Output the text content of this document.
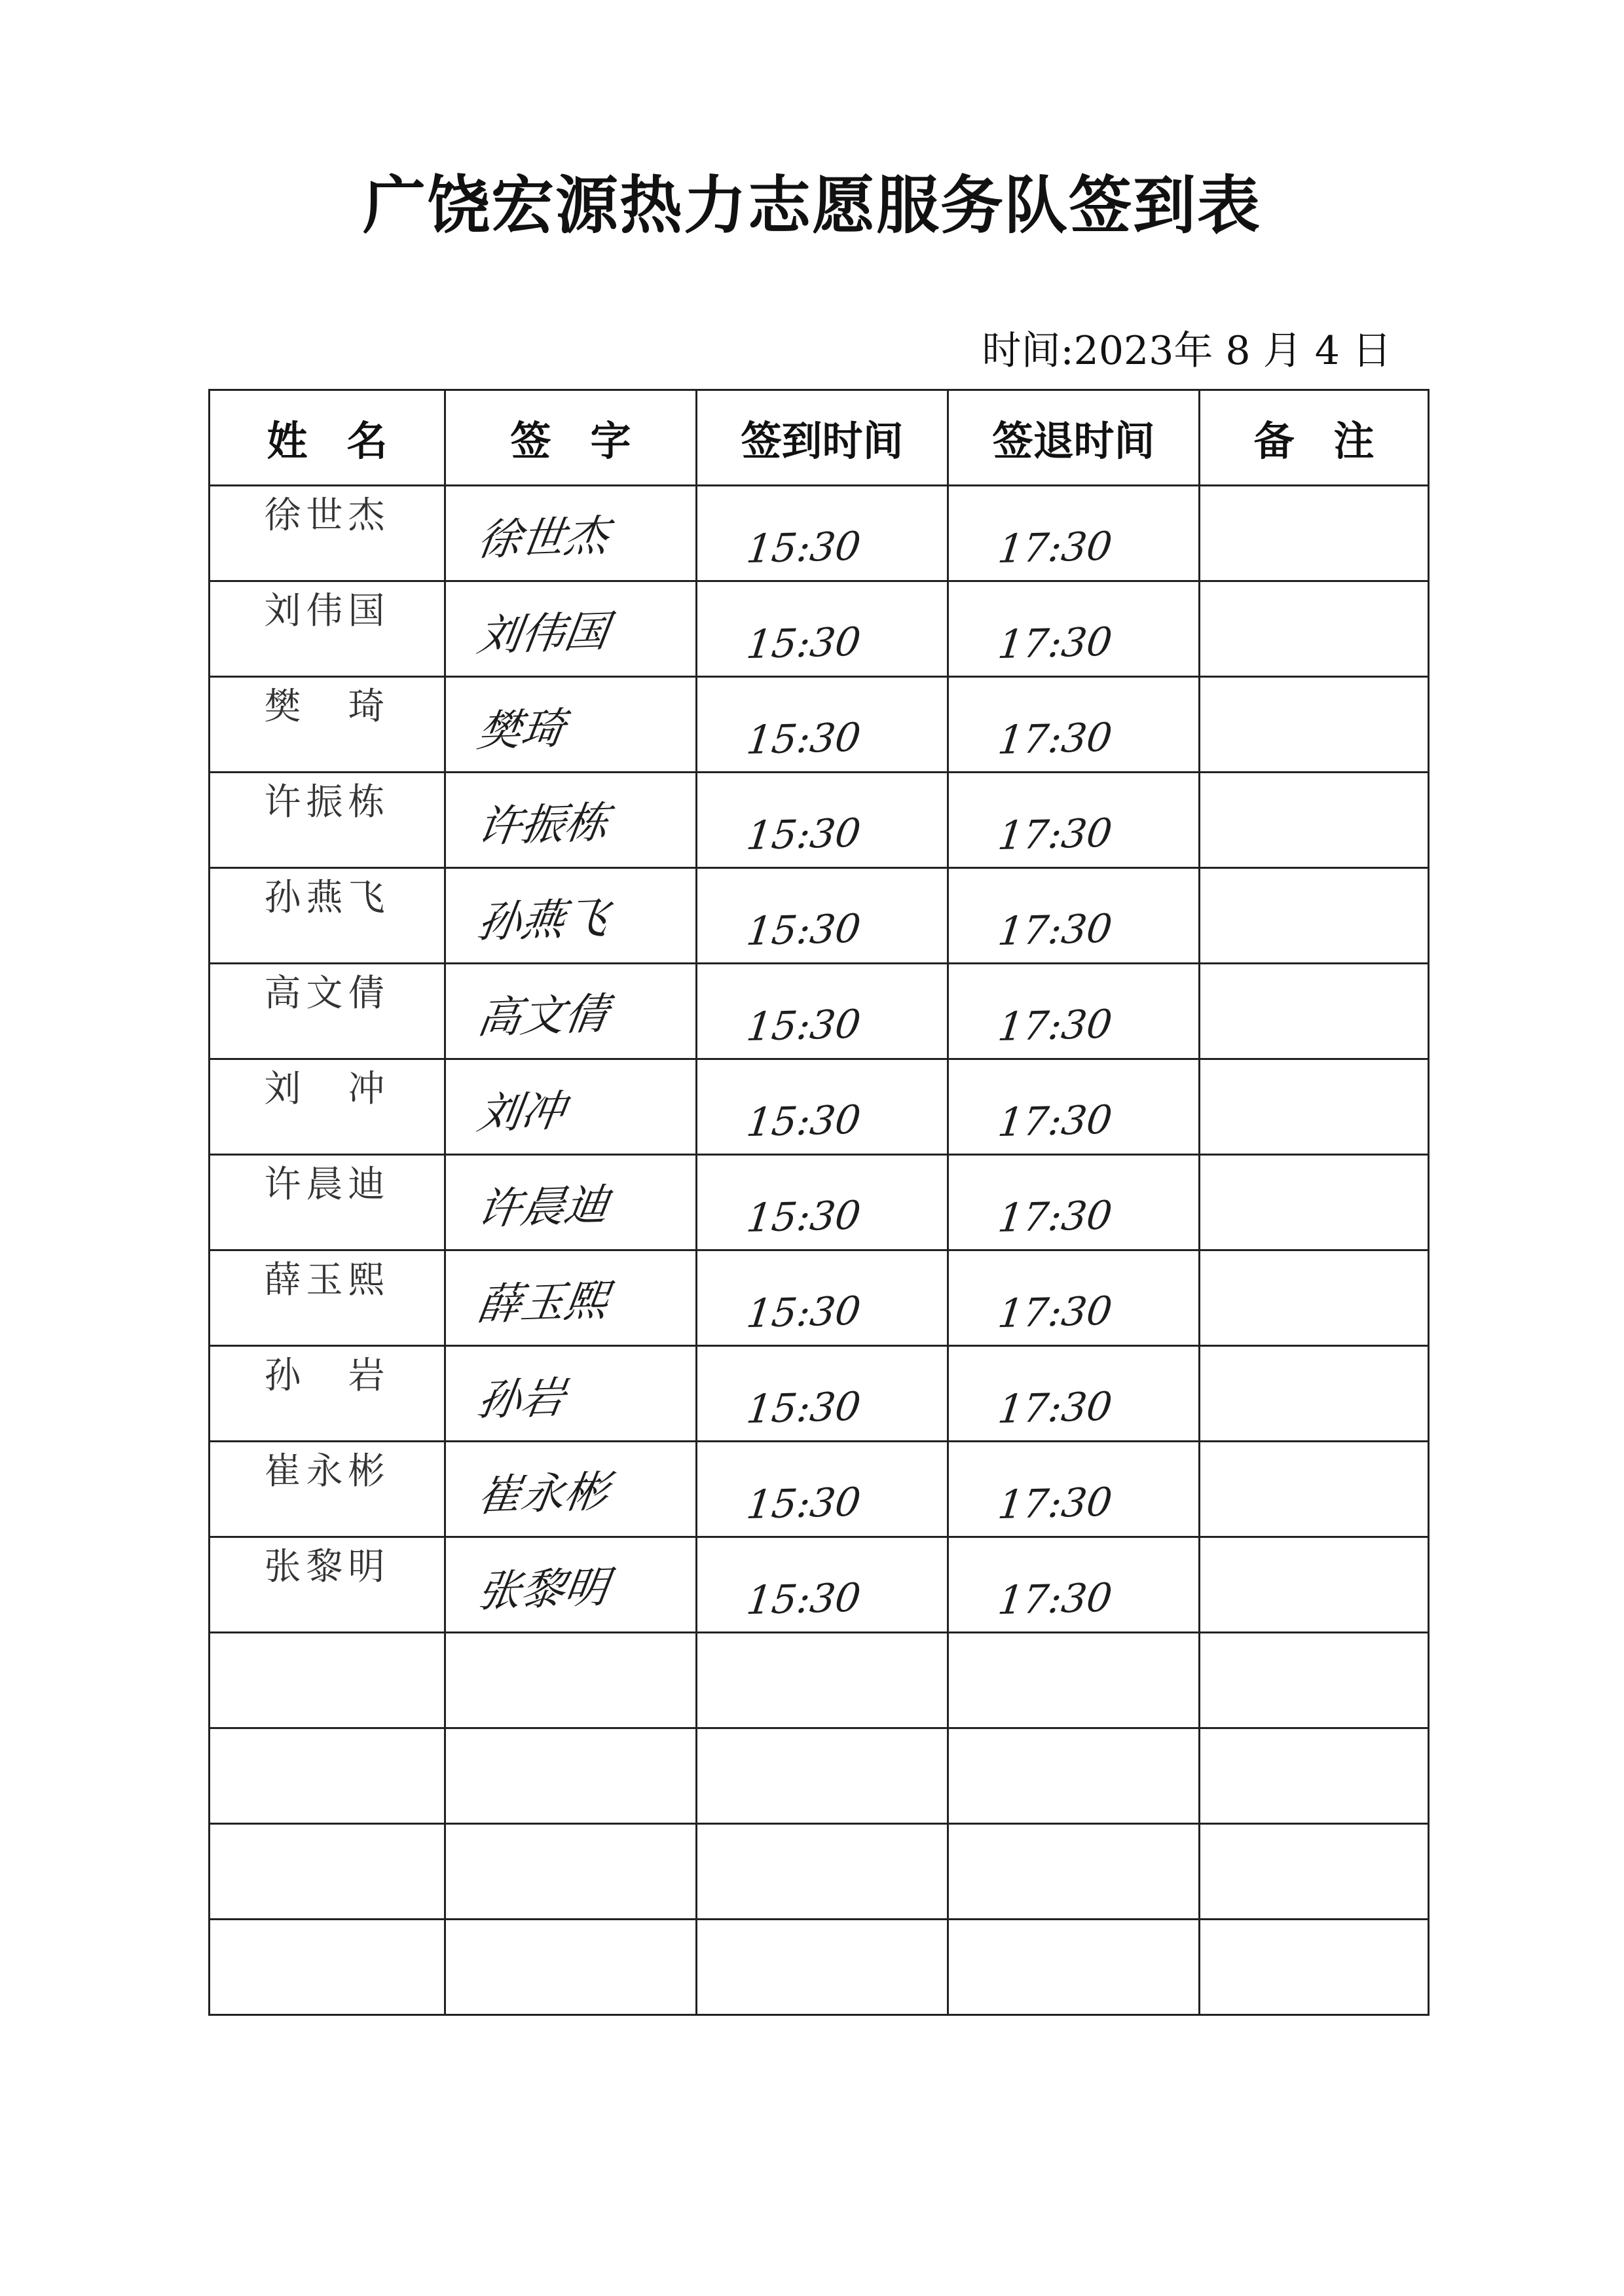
广饶宏源热力志愿服务队签到表
时间:2023年 8 月 4 日
姓名	签字	签到时间	签退时间	备注
徐世杰	徐世杰	15:30	17:30	
刘伟国	刘伟国	15:30	17:30	
樊　琦	樊琦	15:30	17:30	
许振栋	许振栋	15:30	17:30	
孙燕飞	孙燕飞	15:30	17:30	
高文倩	高文倩	15:30	17:30	
刘　冲	刘冲	15:30	17:30	
许晨迪	许晨迪	15:30	17:30	
薛玉熙	薛玉熙	15:30	17:30	
孙　岩	孙岩	15:30	17:30	
崔永彬	崔永彬	15:30	17:30	
张黎明	张黎明	15:30	17:30	
